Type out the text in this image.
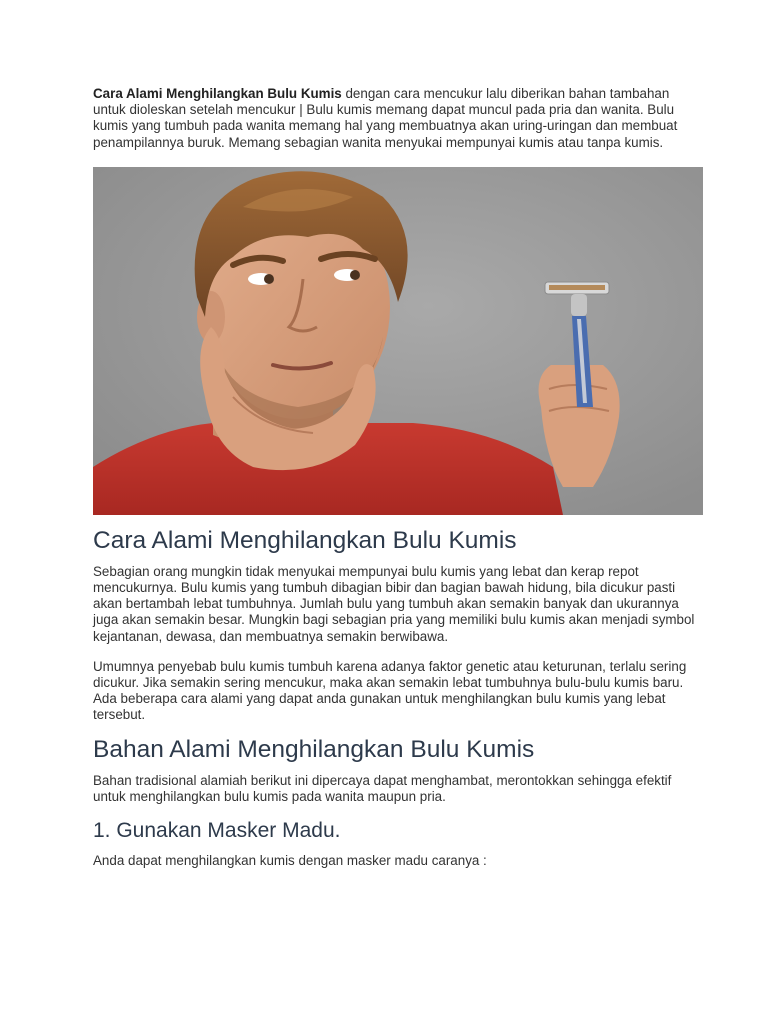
Cara Alami Menghilangkan Bulu Kumis dengan cara mencukur lalu diberikan bahan tambahan untuk dioleskan setelah mencukur | Bulu kumis memang dapat muncul pada pria dan wanita. Bulu kumis yang tumbuh pada wanita memang hal yang membuatnya akan uring-uringan dan membuat penampilannya buruk. Memang sebagian wanita menyukai mempunyai kumis atau tanpa kumis.

Cara Alami Menghilangkan Bulu Kumis

Sebagian orang mungkin tidak menyukai mempunyai bulu kumis yang lebat dan kerap repot mencukurnya. Bulu kumis yang tumbuh dibagian bibir dan bagian bawah hidung, bila dicukur pasti akan bertambah lebat tumbuhnya. Jumlah bulu yang tumbuh akan semakin banyak dan ukurannya juga akan semakin besar. Mungkin bagi sebagian pria yang memiliki bulu kumis akan menjadi symbol kejantanan, dewasa, dan membuatnya semakin berwibawa.

Umumnya penyebab bulu kumis tumbuh karena adanya faktor genetic atau keturunan, terlalu sering dicukur. Jika semakin sering mencukur, maka akan semakin lebat tumbuhnya bulu-bulu kumis baru. Ada beberapa cara alami yang dapat anda gunakan untuk menghilangkan bulu kumis yang lebat tersebut.

Bahan Alami Menghilangkan Bulu Kumis

Bahan tradisional alamiah berikut ini dipercaya dapat menghambat, merontokkan sehingga efektif untuk menghilangkan bulu kumis pada wanita maupun pria.

1. Gunakan Masker Madu.

Anda dapat menghilangkan kumis dengan masker madu caranya :
